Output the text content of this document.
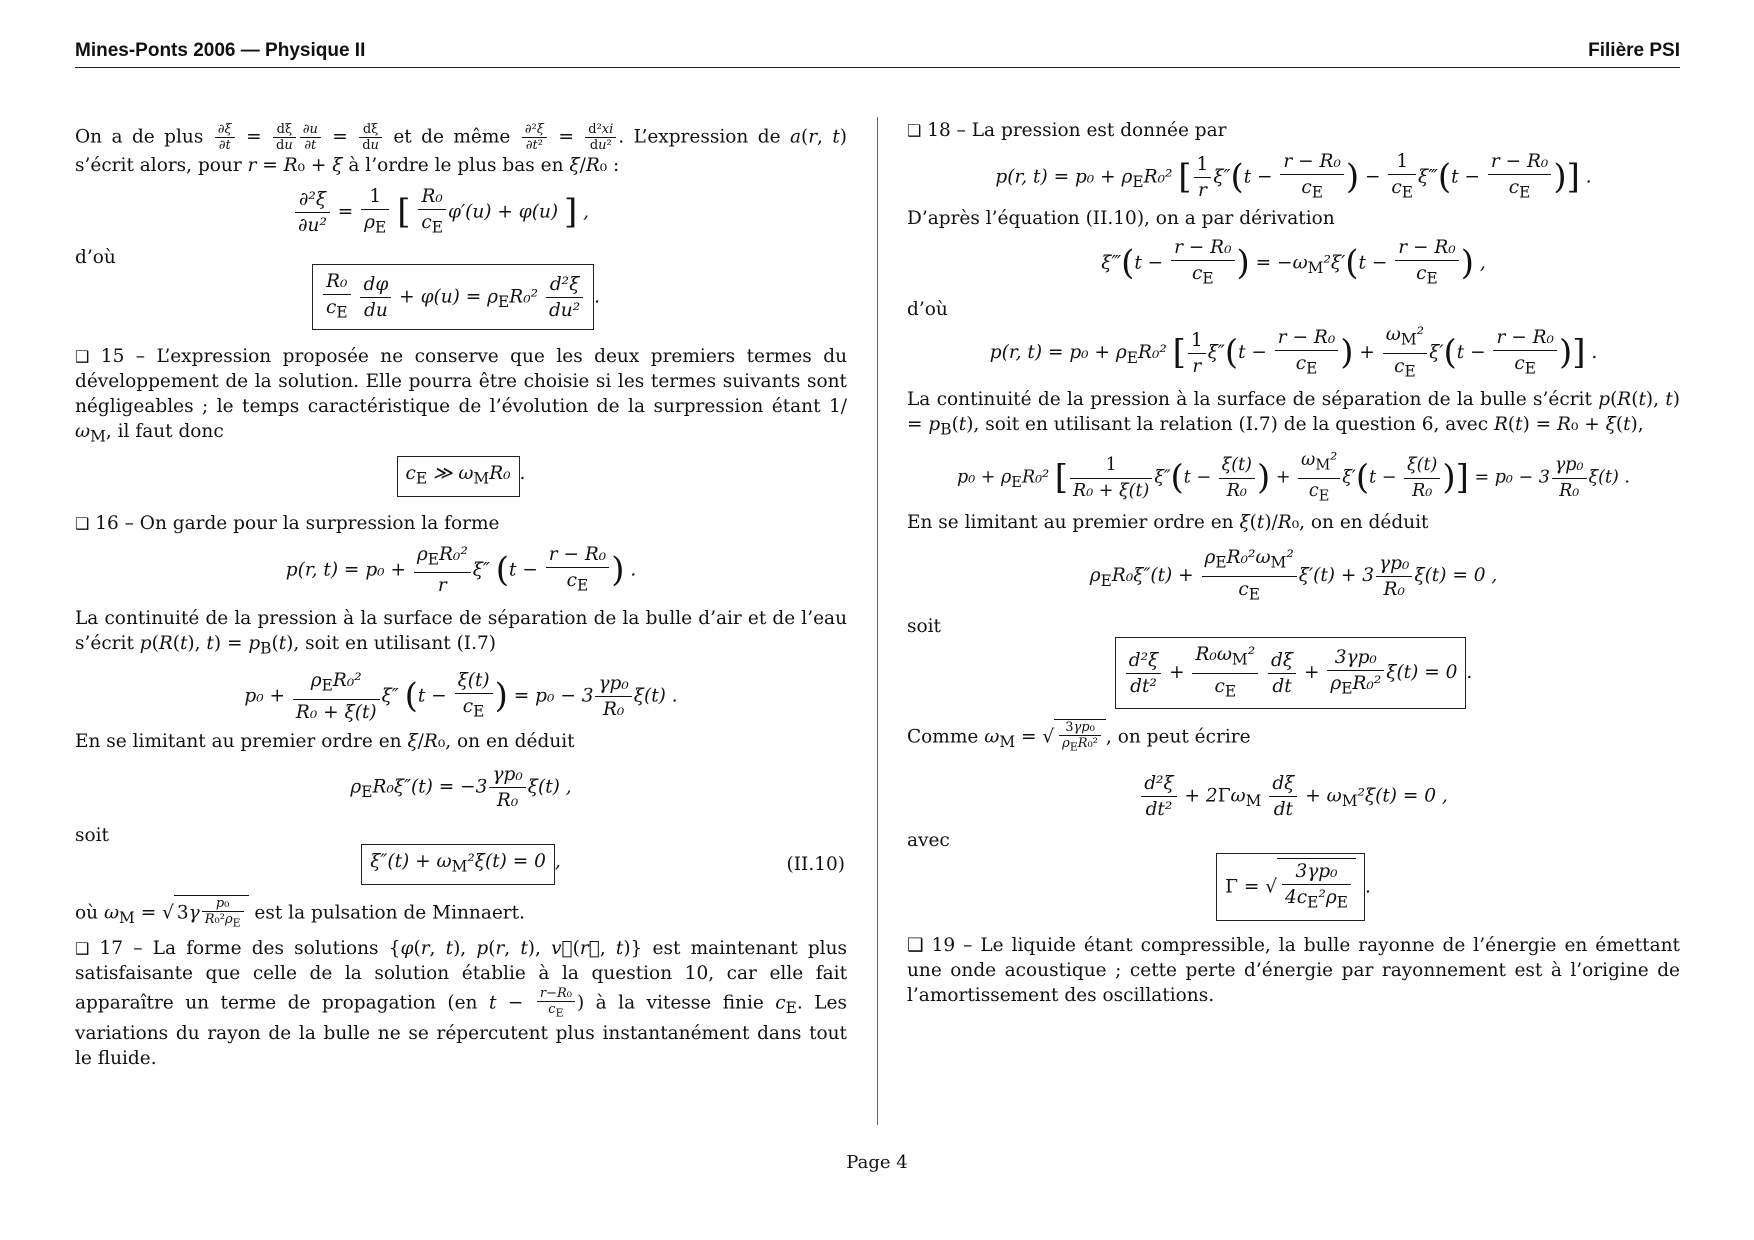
Mines-Ponts 2006 — Physique II	Filière PSI

On a de plus $\frac{\partial\xi}{\partial t} = \frac{d\xi}{du} \frac{\partial u}{\partial t} = \frac{d\xi}{du}$ et de même $\frac{\text{∂²ξ}}{\text{∂t²}} = \frac{\text{d²xi}}{\text{du²}}$ . L’expression de a(r, t) s’écrit alors, pour r = R₀ + ξ à l’ordre le plus bas en ξ/R₀ :

$\frac{\text{∂²ξ}}{\text{∂u²}} = \frac{1}{\rho_E}$ [ $\frac{\text{R₀}}{c_E} \varphi'(u) + \varphi(u)$ ] ,

d’où

$\frac{\text{R₀}}{c_E}$
$\frac{d\varphi}{du} + \varphi(u) = \rho_ER_0^2 \frac{\text{d²ξ}}{\text{du²}}$ .

❑ 15 – L’expression proposée ne conserve que les deux premiers termes du développement de la solution. Elle pourra être choisie si les termes suivants sont négligeables ; le temps caractéristique de l’évolution de la surpression étant $1/\omega_M$, il faut donc

$c_E$ ≫ $\omega_MR_0$ .

❑ 16 – On garde pour la surpression la forme

p(r, $t) = p_0 + \frac{\rho_ER_0^2}{r} \xi''$ ($t - \frac{\text{r − R₀}}{c_E}$ ) .

La continuité de la pression à la surface de séparation de la bulle d’air et de l’eau s’écrit p(R(t), $t) = p_B(t)$, soit en utilisant (I.7)

$p_0 + \frac{\rho_ER_0^2}{\text{R₀ + ξ(t)}} \xi''$ ($t - \frac{\xi(t)}{c_E}$ ) = $p_0 - 3 \frac{\text{γp₀}}{\text{R₀}} \xi(t)$ .

En se limitant au premier ordre en ξ/R₀, on en déduit

$\rho_ER_0\xi''(t) = -3 \frac{\text{γp₀}}{\text{R₀}} \xi(t)$ ,

soit

$\xi''(t) + \omega_M^2\xi(t) = 0$ ,	(II.10)

où $\omega_M$ = √ $3\gamma \frac{\text{p₀}}{R_0^2\rho_E}$ est la pulsation de Minnaert.

❑ 17 – La forme des solutions {φ(r, t), p(r, t), v⃗(r⃗, t)} est maintenant plus satisfaisante que celle de la solution établie à la question 10, car elle fait apparaître un terme de propagation (en $t - \frac{\text{r−R₀}}{c_E}$ ) à la vitesse finie $c_E$. Les variations du rayon de la bulle ne se répercutent plus instantanément dans tout le fluide.

❑ 18 – La pression est donnée par

p(r, $t) = p_0 + \rho_ER_0^2$ [ $\frac{1}{r} \xi''(t - \frac{\text{r − R₀}}{c_E}$ ) − $\frac{1}{c_E}$ ξ‴(t − $\frac{\text{r − R₀}}{c_E}$ )] .

D’après l’équation (II.10), on a par dérivation

ξ‴(t − $\frac{\text{r − R₀}}{c_E}$ ) = $-\omega_M^2\xi'(t - \frac{\text{r − R₀}}{c_E}$ ) ,

d’où

p(r, $t) = p_0 + \rho_ER_0^2$ [ $\frac{1}{r} \xi''(t - \frac{\text{r − R₀}}{c_E}$ ) + $\frac{\omega_M^2}{c_E} \xi'(t - \frac{\text{r − R₀}}{c_E}$ )] .

La continuité de la pression à la surface de séparation de la bulle s’écrit p(R(t), $t) = p_B(t)$, soit en utilisant la relation (I.7) de la question 6, avec R(t) = R₀ + ξ(t),

$p_0 + \rho_ER_0^2$ [ $\frac{1}{\text{R₀ + ξ(t)}} \xi''(t - \frac{\xi(t)}{\text{R₀}}$ ) + $\frac{\omega_M^2}{c_E} \xi'(t - \frac{\xi(t)}{\text{R₀}}$ )] = $p_0 - 3 \frac{\text{γp₀}}{\text{R₀}} \xi(t)$ .

En se limitant au premier ordre en ξ(t)/R₀, on en déduit

$\rho_ER_0\xi''(t) + \frac{\rho_ER_0^2\omega_M^2}{c_E} \xi'(t) + 3 \frac{\text{γp₀}}{\text{R₀}} \xi(t) = 0$ ,

soit

$\frac{\text{d²ξ}}{\text{dt²}} + \frac{R_0\omega_M^2}{c_E}$
$\frac{d\xi}{dt} + \frac{\text{3γp₀}}{\rho_ER_0^2} \xi(t) = 0$.

Comme $\omega_M$ = √ $\frac{\text{3γp₀}}{\rho_ER_0^2}$ , on peut écrire

$\frac{\text{d²ξ}}{\text{dt²}} + 2\Gamma\omega_M \frac{d\xi}{dt} + \omega_M^2\xi(t) = 0$ ,

avec

Γ = √ $\frac{\text{3γp₀}}{4c_E^2\rho_E}$ .

❑ 19 – Le liquide étant compressible, la bulle rayonne de l’énergie en émettant une onde acoustique ; cette perte d’énergie par rayonnement est à l’origine de l’amortissement des oscillations.

Page 4
